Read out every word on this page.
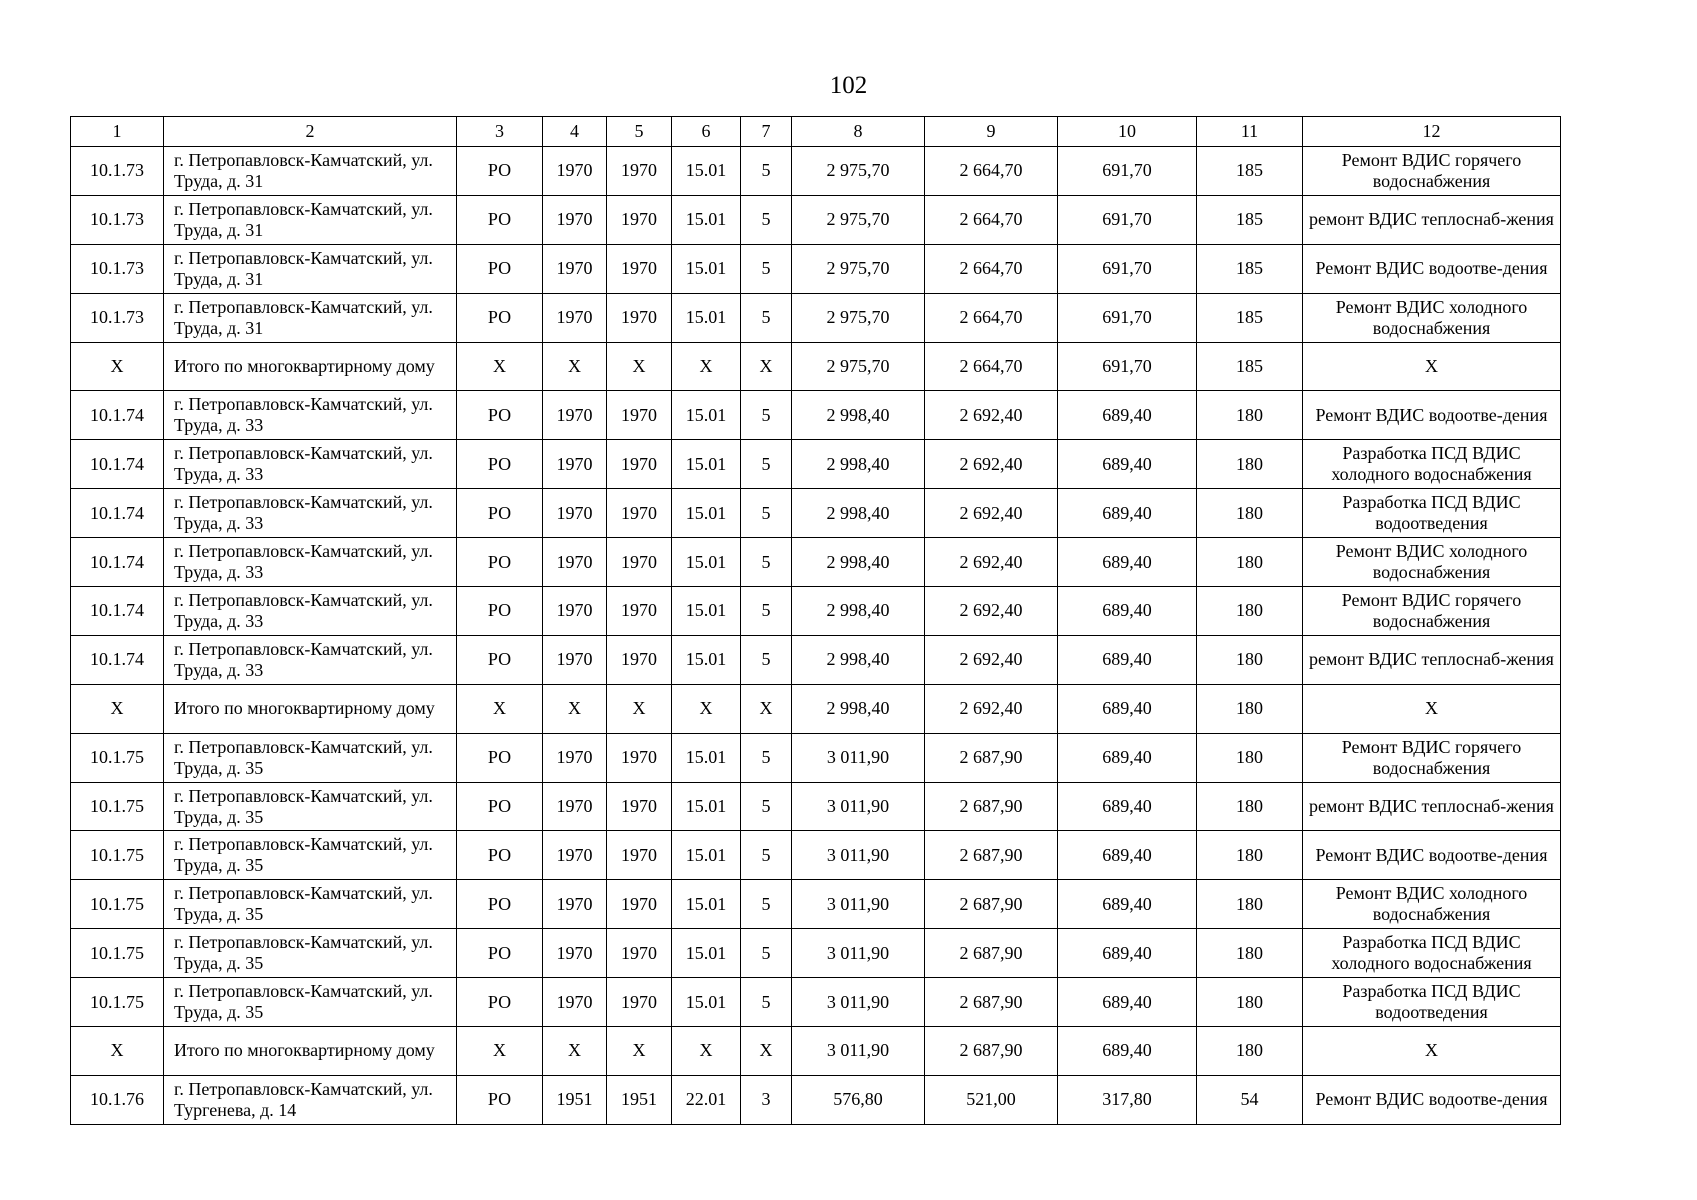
102
1	2	3	4	5	6	7	8	9	10	11	12
10.1.73	г. Петропавловск-Камчатский, ул. Труда, д. 31	РО	1970	1970	15.01	5	2 975,70	2 664,70	691,70	185	Ремонт ВДИС горячего водоснабжения
10.1.73	г. Петропавловск-Камчатский, ул. Труда, д. 31	РО	1970	1970	15.01	5	2 975,70	2 664,70	691,70	185	ремонт ВДИС теплоснаб-жения
10.1.73	г. Петропавловск-Камчатский, ул. Труда, д. 31	РО	1970	1970	15.01	5	2 975,70	2 664,70	691,70	185	Ремонт ВДИС водоотве-дения
10.1.73	г. Петропавловск-Камчатский, ул. Труда, д. 31	РО	1970	1970	15.01	5	2 975,70	2 664,70	691,70	185	Ремонт ВДИС холодного водоснабжения
Х	Итого по многоквартирному дому	Х	Х	Х	Х	Х	2 975,70	2 664,70	691,70	185	Х
10.1.74	г. Петропавловск-Камчатский, ул. Труда, д. 33	РО	1970	1970	15.01	5	2 998,40	2 692,40	689,40	180	Ремонт ВДИС водоотве-дения
10.1.74	г. Петропавловск-Камчатский, ул. Труда, д. 33	РО	1970	1970	15.01	5	2 998,40	2 692,40	689,40	180	Разработка ПСД ВДИС холодного водоснабжения
10.1.74	г. Петропавловск-Камчатский, ул. Труда, д. 33	РО	1970	1970	15.01	5	2 998,40	2 692,40	689,40	180	Разработка ПСД ВДИС водоотведения
10.1.74	г. Петропавловск-Камчатский, ул. Труда, д. 33	РО	1970	1970	15.01	5	2 998,40	2 692,40	689,40	180	Ремонт ВДИС холодного водоснабжения
10.1.74	г. Петропавловск-Камчатский, ул. Труда, д. 33	РО	1970	1970	15.01	5	2 998,40	2 692,40	689,40	180	Ремонт ВДИС горячего водоснабжения
10.1.74	г. Петропавловск-Камчатский, ул. Труда, д. 33	РО	1970	1970	15.01	5	2 998,40	2 692,40	689,40	180	ремонт ВДИС теплоснаб-жения
Х	Итого по многоквартирному дому	Х	Х	Х	Х	Х	2 998,40	2 692,40	689,40	180	Х
10.1.75	г. Петропавловск-Камчатский, ул. Труда, д. 35	РО	1970	1970	15.01	5	3 011,90	2 687,90	689,40	180	Ремонт ВДИС горячего водоснабжения
10.1.75	г. Петропавловск-Камчатский, ул. Труда, д. 35	РО	1970	1970	15.01	5	3 011,90	2 687,90	689,40	180	ремонт ВДИС теплоснаб-жения
10.1.75	г. Петропавловск-Камчатский, ул. Труда, д. 35	РО	1970	1970	15.01	5	3 011,90	2 687,90	689,40	180	Ремонт ВДИС водоотве-дения
10.1.75	г. Петропавловск-Камчатский, ул. Труда, д. 35	РО	1970	1970	15.01	5	3 011,90	2 687,90	689,40	180	Ремонт ВДИС холодного водоснабжения
10.1.75	г. Петропавловск-Камчатский, ул. Труда, д. 35	РО	1970	1970	15.01	5	3 011,90	2 687,90	689,40	180	Разработка ПСД ВДИС холодного водоснабжения
10.1.75	г. Петропавловск-Камчатский, ул. Труда, д. 35	РО	1970	1970	15.01	5	3 011,90	2 687,90	689,40	180	Разработка ПСД ВДИС водоотведения
Х	Итого по многоквартирному дому	Х	Х	Х	Х	Х	3 011,90	2 687,90	689,40	180	Х
10.1.76	г. Петропавловск-Камчатский, ул. Тургенева, д. 14	РО	1951	1951	22.01	3	576,80	521,00	317,80	54	Ремонт ВДИС водоотве-дения
